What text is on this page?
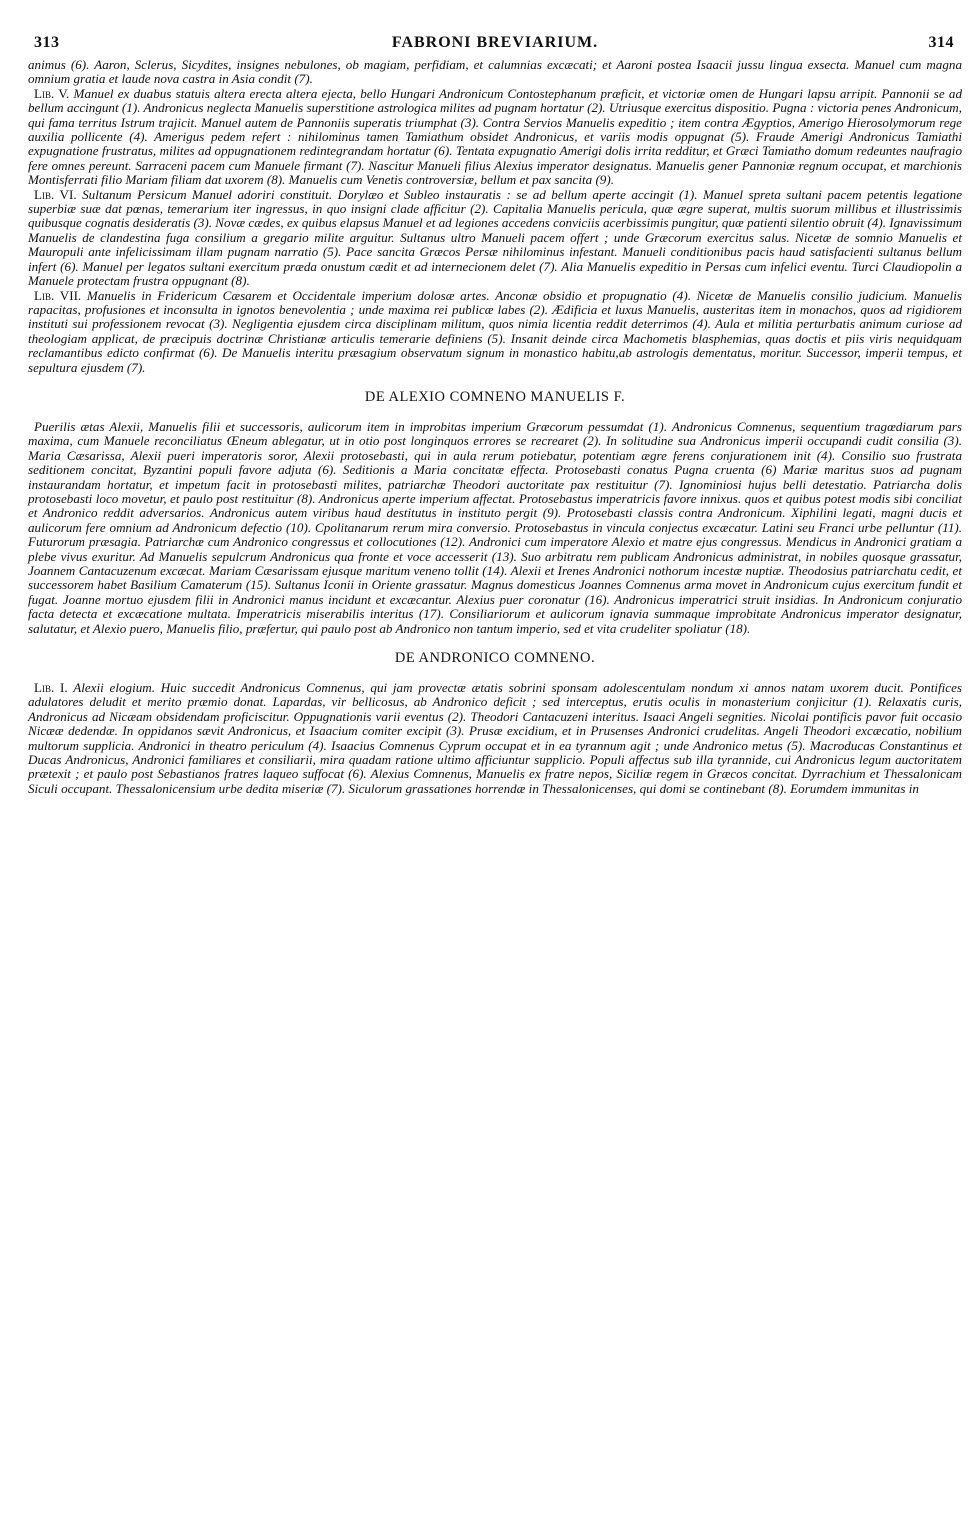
313	FABRONI BREVIARIUM.	314

animus (6). Aaron, Sclerus, Sicydites, insignes nebulones, ob magiam, perfidiam, et calumnias excæcati; et Aaroni postea Isaacii jussu lingua exsecta. Manuel cum magna omnium gratia et laude nova castra in Asia condit (7).

Lib. V. Manuel ex duabus statuis altera erecta altera ejecta, bello Hungari Andronicum Contostephanum præficit, et victoriæ omen de Hungari lapsu arripit. Pannonii se ad bellum accingunt (1). Andronicus neglecta Manuelis superstitione astrologica milites ad pugnam hortatur (2). Utriusque exercitus dispositio. Pugna : victoria penes Andronicum, qui fama territus Istrum trajicit. Manuel autem de Pannoniis superatis triumphat (3). Contra Servios Manuelis expeditio ; item contra Ægyptios, Amerigo Hierosolymorum rege auxilia pollicente (4). Amerigus pedem refert : nihilominus tamen Tamiathum obsidet Andronicus, et variis modis oppugnat (5). Fraude Amerigi Andronicus Tamiathi expugnatione frustratus, milites ad oppugnationem redintegrandam hortatur (6). Tentata expugnatio Amerigi dolis irrita redditur, et Græci Tamiatho domum redeuntes naufragio fere omnes pereunt. Sarraceni pacem cum Manuele firmant (7). Nascitur Manueli filius Alexius imperator designatus. Manuelis gener Pannoniæ regnum occupat, et marchionis Montisferrati filio Mariam filiam dat uxorem (8). Manuelis cum Venetis controversiæ, bellum et pax sancita (9).

Lib. VI. Sultanum Persicum Manuel adoriri constituit. Dorylæo et Subleo instauratis : se ad bellum aperte accingit (1). Manuel spreta sultani pacem petentis legatione superbiæ suæ dat pœnas, temerarium iter ingressus, in quo insigni clade afficitur (2). Capitalia Manuelis pericula, quæ ægre superat, multis suorum millibus et illustrissimis quibusque cognatis desideratis (3). Novæ cædes, ex quibus elapsus Manuel et ad legiones accedens conviciis acerbissimis pungitur, quæ patienti silentio obruit (4). Ignavissimum Manuelis de clandestina fuga consilium a gregario milite arguitur. Sultanus ultro Manueli pacem offert ; unde Græcorum exercitus salus. Nicetæ de somnio Manuelis et Mauropuli ante infelicissimam illam pugnam narratio (5). Pace sancita Græcos Persæ nihilominus infestant. Manueli conditionibus pacis haud satisfacienti sultanus bellum infert (6). Manuel per legatos sultani exercitum præda onustum cædit et ad internecionem delet (7). Alia Manuelis expeditio in Persas cum infelici eventu. Turci Claudiopolin a Manuele protectam frustra oppugnant (8).

Lib. VII. Manuelis in Fridericum Cæsarem et Occidentale imperium dolosæ artes. Anconæ obsidio et propugnatio (4). Nicetæ de Manuelis consilio judicium. Manuelis rapacitas, profusiones et inconsulta in ignotos benevolentia ; unde maxima rei publicæ labes (2). Ædificia et luxus Manuelis, austeritas item in monachos, quos ad rigidiorem instituti sui professionem revocat (3). Negligentia ejusdem circa disciplinam militum, quos nimia licentia reddit deterrimos (4). Aula et militia perturbatis animum curiose ad theologiam applicat, de præcipuis doctrinæ Christianæ articulis temerarie definiens (5). Insanit deinde circa Machometis blasphemias, quas doctis et piis viris nequidquam reclamantibus edicto confirmat (6). De Manuelis interitu præsagium observatum signum in monastico habitu,ab astrologis dementatus, moritur. Successor, imperii tempus, et sepultura ejusdem (7).

DE ALEXIO COMNENO MANUELIS F.

Puerilis ætas Alexii, Manuelis filii et successoris, aulicorum item in improbitas imperium Græcorum pessumdat (1). Andronicus Comnenus, sequentium tragœdiarum pars maxima, cum Manuele reconciliatus Œneum ablegatur, ut in otio post longinquos errores se recrearet (2). In solitudine sua Andronicus imperii occupandi cudit consilia (3). Maria Cæsarissa, Alexii pueri imperatoris soror, Alexii protosebasti, qui in aula rerum potiebatur, potentiam ægre ferens conjurationem init (4). Consilio suo frustrata seditionem concitat, Byzantini populi favore adjuta (6). Seditionis a Maria concitatæ effecta. Protosebasti conatus Pugna cruenta (6) Mariæ maritus suos ad pugnam instaurandam hortatur, et impetum facit in protosebasti milites, patriarchæ Theodori auctoritate pax restituitur (7). Ignominiosi hujus belli detestatio. Patriarcha dolis protosebasti loco movetur, et paulo post restituitur (8). Andronicus aperte imperium affectat. Protosebastus imperatricis favore innixus. quos et quibus potest modis sibi conciliat et Andronico reddit adversarios. Andronicus autem viribus haud destitutus in instituto pergit (9). Protosebasti classis contra Andronicum. Xiphilini legati, magni ducis et aulicorum fere omnium ad Andronicum defectio (10). Cpolitanarum rerum mira conversio. Protosebastus in vincula conjectus excæcatur. Latini seu Franci urbe pelluntur (11). Futurorum præsagia. Patriarchæ cum Andronico congressus et collocutiones (12). Andronici cum imperatore Alexio et matre ejus congressus. Mendicus in Andronici gratiam a plebe vivus exuritur. Ad Manuelis sepulcrum Andronicus qua fronte et voce accesserit (13). Suo arbitratu rem publicam Andronicus administrat, in nobiles quosque grassatur, Joannem Cantacuzenum excæcat. Mariam Cæsarissam ejusque maritum veneno tollit (14). Alexii et Irenes Andronici nothorum incestæ nuptiæ. Theodosius patriarchatu cedit, et successorem habet Basilium Camaterum (15). Sultanus Iconii in Oriente grassatur. Magnus domesticus Joannes Comnenus arma movet in Andronicum cujus exercitum fundit et fugat. Joanne mortuo ejusdem filii in Andronici manus incidunt et excæcantur. Alexius puer coronatur (16). Andronicus imperatrici struit insidias. In Andronicum conjuratio facta detecta et excæcatione multata. Imperatricis miserabilis interitus (17). Consiliariorum et aulicorum ignavia summaque improbitate Andronicus imperator designatur, salutatur, et Alexio puero, Manuelis filio, præfertur, qui paulo post ab Andronico non tantum imperio, sed et vita crudeliter spoliatur (18).

DE ANDRONICO COMNENO.

Lib. I. Alexii elogium. Huic succedit Andronicus Comnenus, qui jam provectæ ætatis sobrini sponsam adolescentulam nondum xi annos natam uxorem ducit. Pontifices adulatores deludit et merito præmio donat. Lapardas, vir bellicosus, ab Andronico deficit ; sed interceptus, erutis oculis in monasterium conjicitur (1). Relaxatis curis, Andronicus ad Nicæam obsidendam proficiscitur. Oppugnationis varii eventus (2). Theodori Cantacuzeni interitus. Isaaci Angeli segnities. Nicolai pontificis pavor fuit occasio Nicææ dedendæ. In oppidanos sævit Andronicus, et Isaacium comiter excipit (3). Prusæ excidium, et in Prusenses Andronici crudelitas. Angeli Theodori excæcatio, nobilium multorum supplicia. Andronici in theatro periculum (4). Isaacius Comnenus Cyprum occupat et in ea tyrannum agit ; unde Andronico metus (5). Macroducas Constantinus et Ducas Andronicus, Andronici familiares et consiliarii, mira quadam ratione ultimo afficiuntur supplicio. Populi affectus sub illa tyrannide, cui Andronicus legum auctoritatem prætexit ; et paulo post Sebastianos fratres laqueo suffocat (6). Alexius Comnenus, Manuelis ex fratre nepos, Siciliæ regem in Græcos concitat. Dyrrachium et Thessalonicam Siculi occupant. Thessalonicensium urbe dedita miseriæ (7). Siculorum grassationes horrendæ in Thessalonicenses, qui domi se continebant (8). Eorumdem immunitas in
